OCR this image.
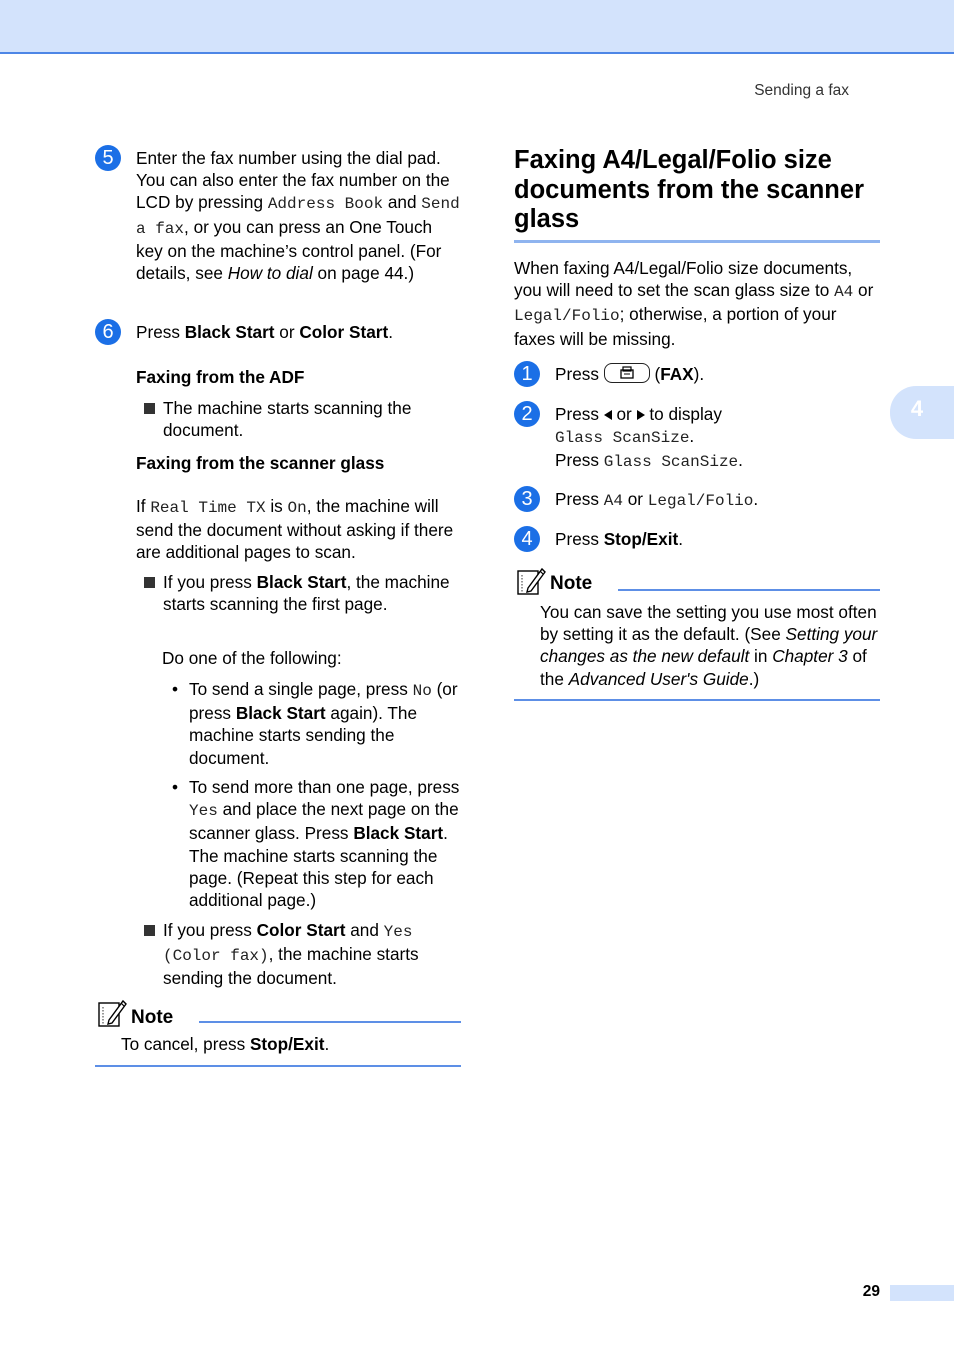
Sending a fax
4
5	Enter the fax number using the dial pad. You can also enter the fax number on the LCD by pressing Address Book and Send a fax, or you can press an One Touch key on the machine’s control panel. (For details, see How to dial on page 44.)
6	Press Black Start or Color Start.
Faxing from the ADF
The machine starts scanning the document.
Faxing from the scanner glass
If Real Time TX is On, the machine will send the document without asking if there are additional pages to scan.
If you press Black Start, the machine starts scanning the first page.
Do one of the following:
• To send a single page, press No (or press Black Start again). The machine starts sending the document.
• To send more than one page, press Yes and place the next page on the scanner glass. Press Black Start. The machine starts scanning the page. (Repeat this step for each additional page.)
If you press Color Start and Yes (Color fax), the machine starts sending the document.
Note
To cancel, press Stop/Exit.
Faxing A4/Legal/Folio size documents from the scanner glass
When faxing A4/Legal/Folio size documents, you will need to set the scan glass size to A4 or Legal/Folio; otherwise, a portion of your faxes will be missing.
1	Press	(FAX).
2	Press  or  to display
Glass ScanSize.
Press Glass ScanSize.
3	Press A4 or Legal/Folio.
4	Press Stop/Exit.
Note
You can save the setting you use most often by setting it as the default. (See Setting your changes as the new default in Chapter 3 of the Advanced User's Guide.)
29
